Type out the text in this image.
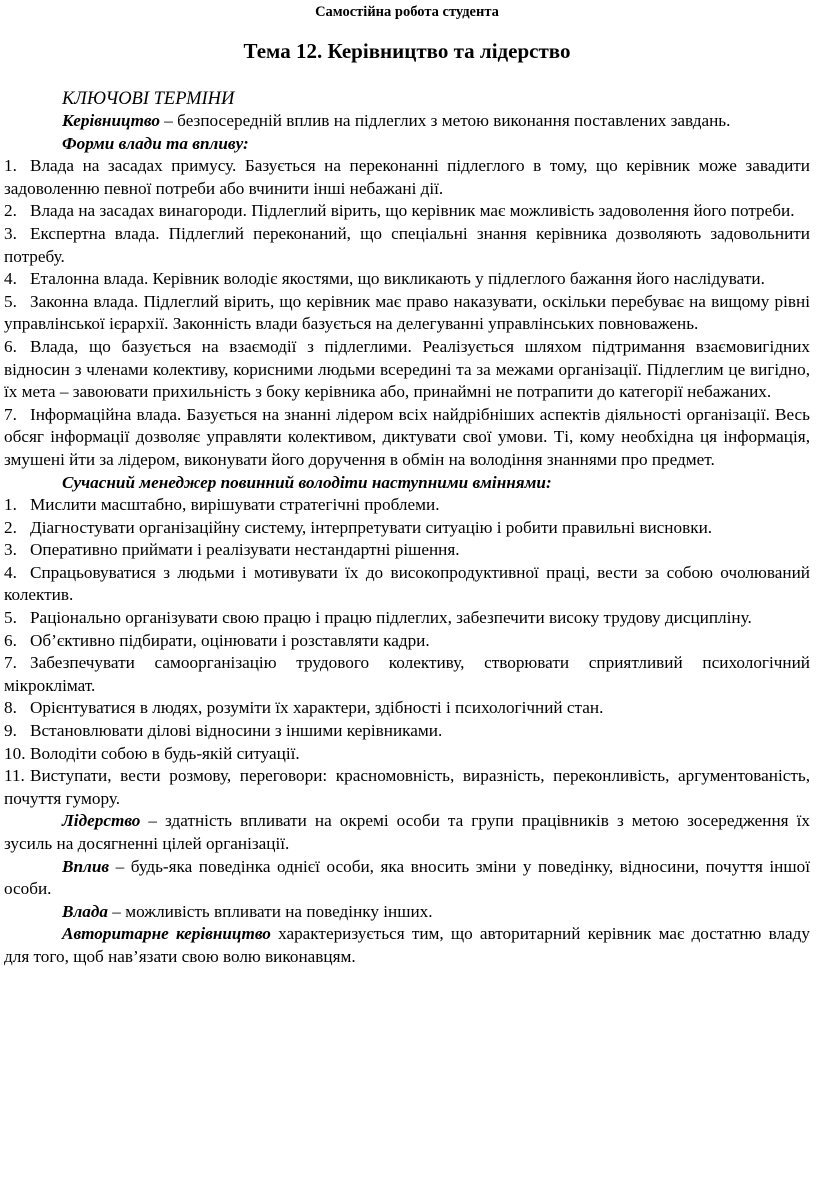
Самостійна робота студента
Тема 12. Керівництво та лідерство
КЛЮЧОВІ ТЕРМІНИ

Керівництво – безпосередній вплив на підлеглих з метою виконання поставлених завдань.

Форми влади та впливу:

1. Влада на засадах примусу. Базується на переконанні підлеглого в тому, що керівник може завадити задоволенню певної потреби або вчинити інші небажані дії.
2. Влада на засадах винагороди. Підлеглий вірить, що керівник має можливість задоволення його потреби.
3. Експертна влада. Підлеглий переконаний, що спеціальні знання керівника дозволяють задовольнити потребу.
4. Еталонна влада. Керівник володіє якостями, що викликають у підлеглого бажання його наслідувати.
5. Законна влада. Підлеглий вірить, що керівник має право наказувати, оскільки перебуває на вищому рівні управлінської ієрархії. Законність влади базується на делегуванні управлінських повноважень.
6. Влада, що базується на взаємодії з підлеглими. Реалізується шляхом підтримання взаємовигідних відносин з членами колективу, корисними людьми всередині та за межами організації. Підлеглим це вигідно, їх мета – завоювати прихильність з боку керівника або, принаймні не потрапити до категорії небажаних.
7. Інформаційна влада. Базується на знанні лідером всіх найдрібніших аспектів діяльності організації. Весь обсяг інформації дозволяє управляти колективом, диктувати свої умови. Ті, кому необхідна ця інформація, змушені йти за лідером, виконувати його доручення в обмін на володіння знаннями про предмет.

Сучасний менеджер повинний володіти наступними вміннями:

1. Мислити масштабно, вирішувати стратегічні проблеми.
2. Діагностувати організаційну систему, інтерпретувати ситуацію і робити правильні висновки.
3. Оперативно приймати і реалізувати нестандартні рішення.
4. Спрацьовуватися з людьми і мотивувати їх до високопродуктивної праці, вести за собою очолюваний колектив.
5. Раціонально організувати свою працю і працю підлеглих, забезпечити високу трудову дисципліну.
6. Об’єктивно підбирати, оцінювати і розставляти кадри.
7. Забезпечувати самоорганізацію трудового колективу, створювати сприятливий психологічний мікроклімат.
8. Орієнтуватися в людях, розуміти їх характери, здібності і психологічний стан.
9. Встановлювати ділові відносини з іншими керівниками.
10. Володіти собою в будь-якій ситуації.
11. Виступати, вести розмову, переговори: красномовність, виразність, переконливість, аргументованість, почуття гумору.

Лідерство – здатність впливати на окремі особи та групи працівників з метою зосередження їх зусиль на досягненні цілей організації.

Вплив – будь-яка поведінка однієї особи, яка вносить зміни у поведінку, відносини, почуття іншої особи.

Влада – можливість впливати на поведінку інших.

Авторитарне керівництво характеризується тим, що авторитарний керівник має достатню владу для того, щоб нав’язати свою волю виконавцям.
